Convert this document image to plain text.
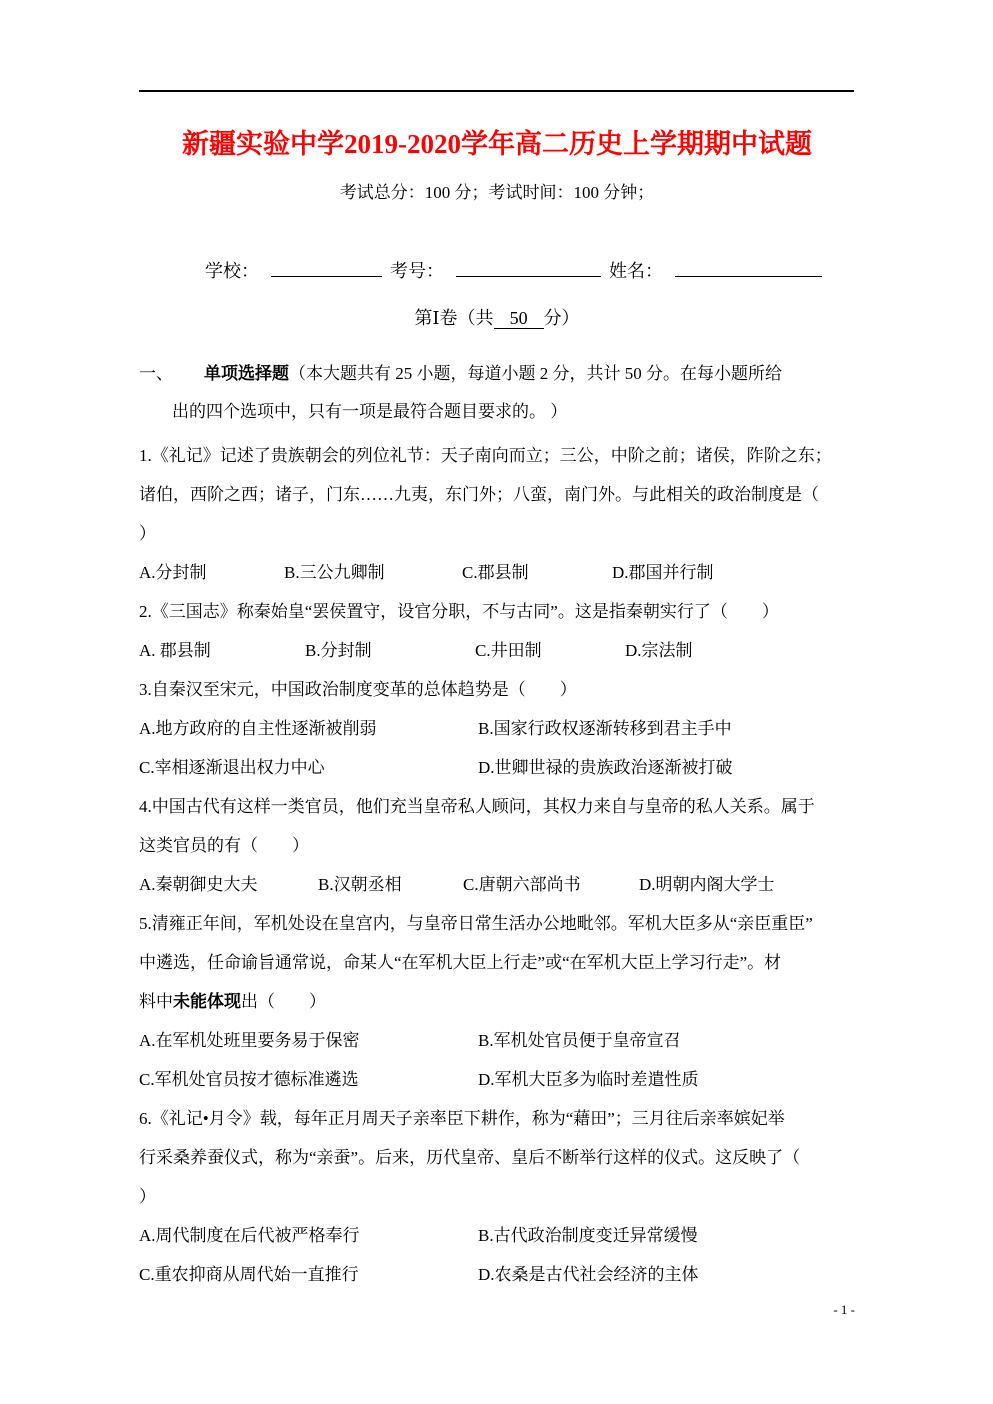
新疆实验中学2019-2020学年高二历史上学期期中试题
考试总分：100 分；考试时间：100 分钟；
学校：	考号：	姓名：
第Ⅰ卷（共 50 分）
一、 单项选择题（本大题共有 25 小题，每道小题 2 分，共计 50 分。在每小题所给
出的四个选项中，只有一项是最符合题目要求的。 ）
1.《礼记》记述了贵族朝会的列位礼节：天子南向而立；三公，中阶之前；诸侯，阼阶之东；
诸伯，西阶之西；诸子，门东……九夷，东门外；八蛮，南门外。与此相关的政治制度是（
）
A.分封制	B.三公九卿制	C.郡县制	D.郡国并行制
2.《三国志》称秦始皇“罢侯置守，设官分职，不与古同”。这是指秦朝实行了（　　）
A. 郡县制	B.分封制	C.井田制	D.宗法制
3.自秦汉至宋元，中国政治制度变革的总体趋势是（　　）
A.地方政府的自主性逐渐被削弱	B.国家行政权逐渐转移到君主手中
C.宰相逐渐退出权力中心	D.世卿世禄的贵族政治逐渐被打破
4.中国古代有这样一类官员，他们充当皇帝私人顾问，其权力来自与皇帝的私人关系。属于
这类官员的有（　　）
A.秦朝御史大夫	B.汉朝丞相	C.唐朝六部尚书	D.明朝内阁大学士
5.清雍正年间，军机处设在皇宫内，与皇帝日常生活办公地毗邻。军机大臣多从“亲臣重臣”
中遴选，任命谕旨通常说，命某人“在军机大臣上行走”或“在军机大臣上学习行走”。材
料中未能体现出（　　）
A.在军机处班里要务易于保密	B.军机处官员便于皇帝宣召
C.军机处官员按才德标准遴选	D.军机大臣多为临时差遣性质
6.《礼记•月令》载，每年正月周天子亲率臣下耕作，称为“藉田”；三月往后亲率嫔妃举
行采桑养蚕仪式，称为“亲蚕”。后来，历代皇帝、皇后不断举行这样的仪式。这反映了（
）
A.周代制度在后代被严格奉行	B.古代政治制度变迁异常缓慢
C.重农抑商从周代始一直推行	D.农桑是古代社会经济的主体
- 1 -
